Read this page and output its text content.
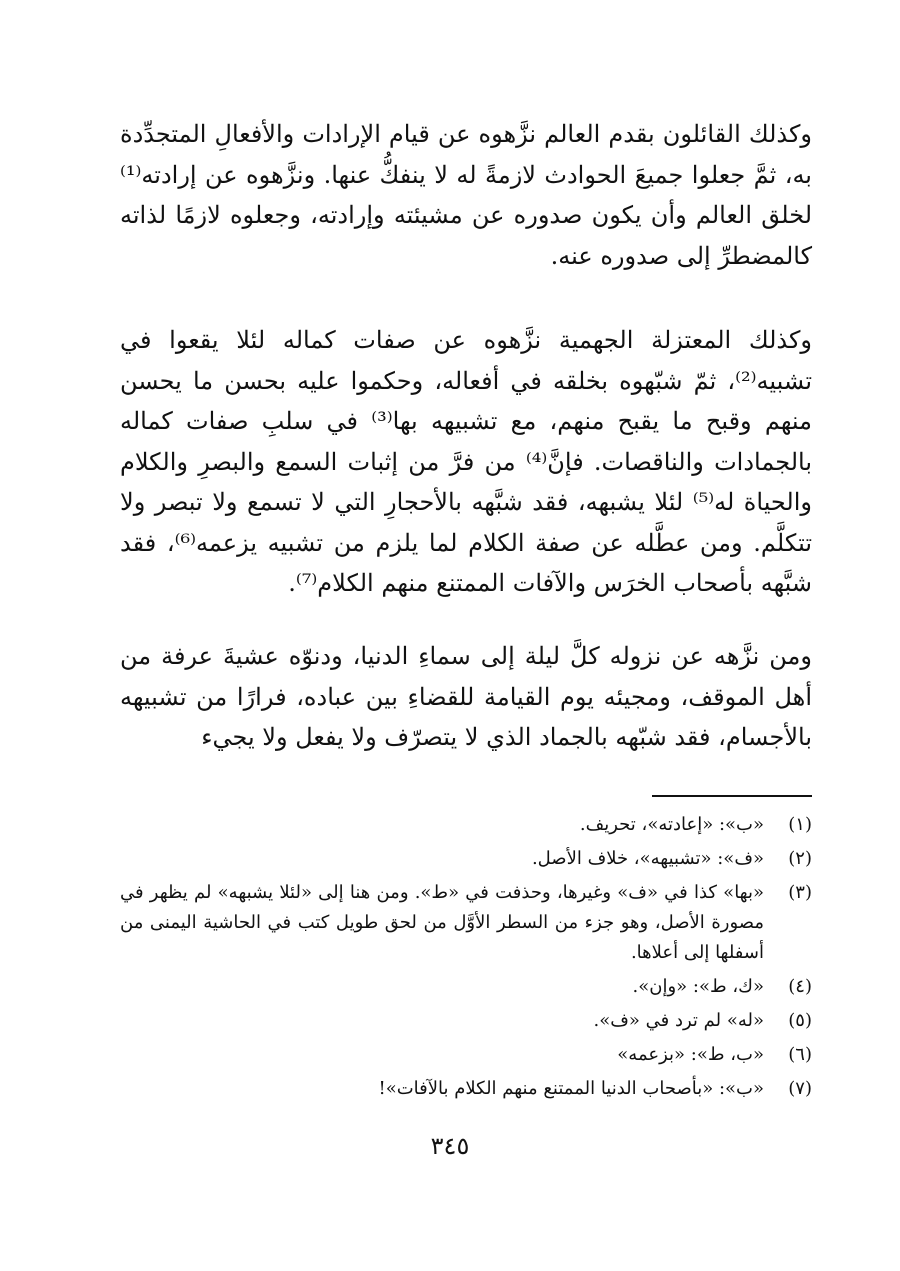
وكذلك القائلون بقدم العالم نزَّهوه عن قيام الإرادات والأفعالِ المتجدِّدة به، ثمَّ جعلوا جميعَ الحوادث لازمةً له لا ينفكُّ عنها. ونزَّهوه عن إرادته⁽¹⁾ لخلق العالم وأن يكون صدوره عن مشيئته وإرادته، وجعلوه لازمًا لذاته كالمضطرِّ إلى صدوره عنه.

وكذلك المعتزلة الجهمية نزَّهوه عن صفات كماله لئلا يقعوا في تشبيه⁽²⁾، ثمّ شبّهوه بخلقه في أفعاله، وحكموا عليه بحسن ما يحسن منهم وقبح ما يقبح منهم، مع تشبيهه بها⁽³⁾ في سلبِ صفات كماله بالجمادات والناقصات. فإنَّ⁽⁴⁾ من فرَّ من إثبات السمع والبصرِ والكلام والحياة له⁽⁵⁾ لئلا يشبهه، فقد شبَّهه بالأحجارِ التي لا تسمع ولا تبصر ولا تتكلَّم. ومن عطَّله عن صفة الكلام لما يلزم من تشبيه يزعمه⁽⁶⁾، فقد شبَّهه بأصحاب الخرَس والآفات الممتنع منهم الكلام⁽⁷⁾.

ومن نزَّهه عن نزوله كلَّ ليلة إلى سماءِ الدنيا، ودنوّه عشيةَ عرفة من أهل الموقف، ومجيئه يوم القيامة للقضاءِ بين عباده، فرارًا من تشبيهه بالأجسام، فقد شبّهه بالجماد الذي لا يتصرّف ولا يفعل ولا يجيء

(١)
«ب»: «إعادته»، تحريف.
(٢)
«ف»: «تشبيهه»، خلاف الأصل.
(٣)
«بها» كذا في «ف» وغيرها، وحذفت في «ط». ومن هنا إلى «لئلا يشبهه» لم يظهر في مصورة الأصل، وهو جزء من السطر الأوَّل من لحق طويل كتب في الحاشية اليمنى من أسفلها إلى أعلاها.
(٤)
«ك، ط»: «وإن».
(٥)
«له» لم ترد في «ف».
(٦)
«ب، ط»: «بزعمه»
(٧)
«ب»: «بأصحاب الدنيا الممتنع منهم الكلام بالآفات»!
٣٤٥
